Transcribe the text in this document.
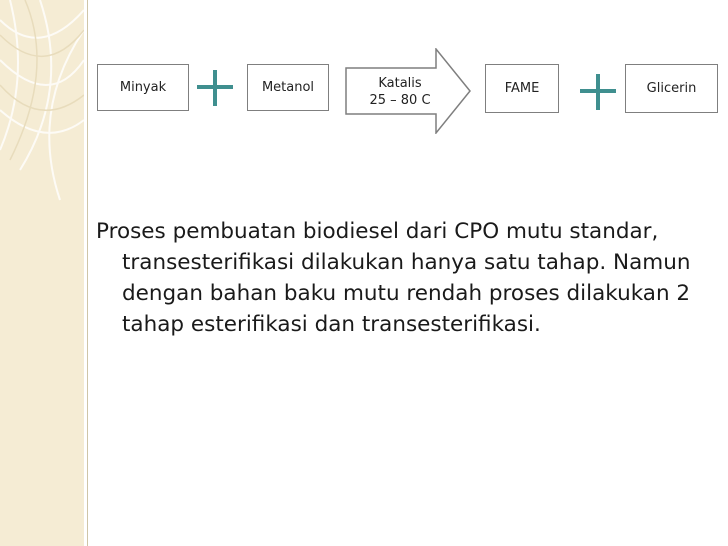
Minyak	Metanol	Katalis
25 – 80 C
FAME	Glicerin
Proses pembuatan biodiesel dari CPO mutu standar, transesterifikasi dilakukan hanya satu tahap. Namun dengan bahan baku mutu rendah proses dilakukan 2 tahap esterifikasi dan transesterifikasi.
